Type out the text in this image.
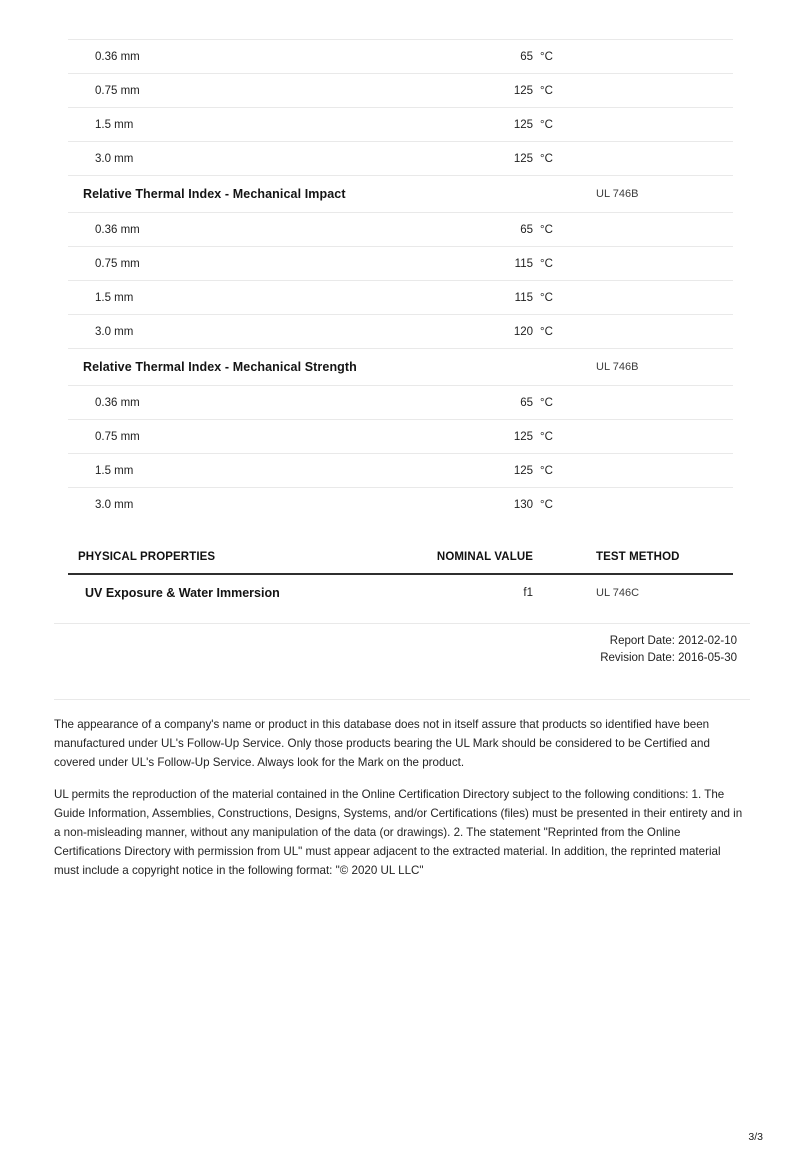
0.36 mm	65 °C
0.75 mm	125 °C
1.5 mm	125 °C
3.0 mm	125 °C
Relative Thermal Index - Mechanical Impact	UL 746B
0.36 mm	65 °C
0.75 mm	115 °C
1.5 mm	115 °C
3.0 mm	120 °C
Relative Thermal Index - Mechanical Strength	UL 746B
0.36 mm	65 °C
0.75 mm	125 °C
1.5 mm	125 °C
3.0 mm	130 °C
PHYSICAL PROPERTIES	NOMINAL VALUE	TEST METHOD
UV Exposure & Water Immersion	f1	UL 746C
Report Date: 2012-02-10
Revision Date: 2016-05-30

The appearance of a company's name or product in this database does not in itself assure that products so identified have been manufactured under UL's Follow-Up Service. Only those products bearing the UL Mark should be considered to be Certified and covered under UL's Follow-Up Service. Always look for the Mark on the product.

UL permits the reproduction of the material contained in the Online Certification Directory subject to the following conditions: 1. The Guide Information, Assemblies, Constructions, Designs, Systems, and/or Certifications (files) must be presented in their entirety and in a non-misleading manner, without any manipulation of the data (or drawings). 2. The statement "Reprinted from the Online Certifications Directory with permission from UL" must appear adjacent to the extracted material. In addition, the reprinted material must include a copyright notice in the following format: "© 2020 UL LLC"

3/3
